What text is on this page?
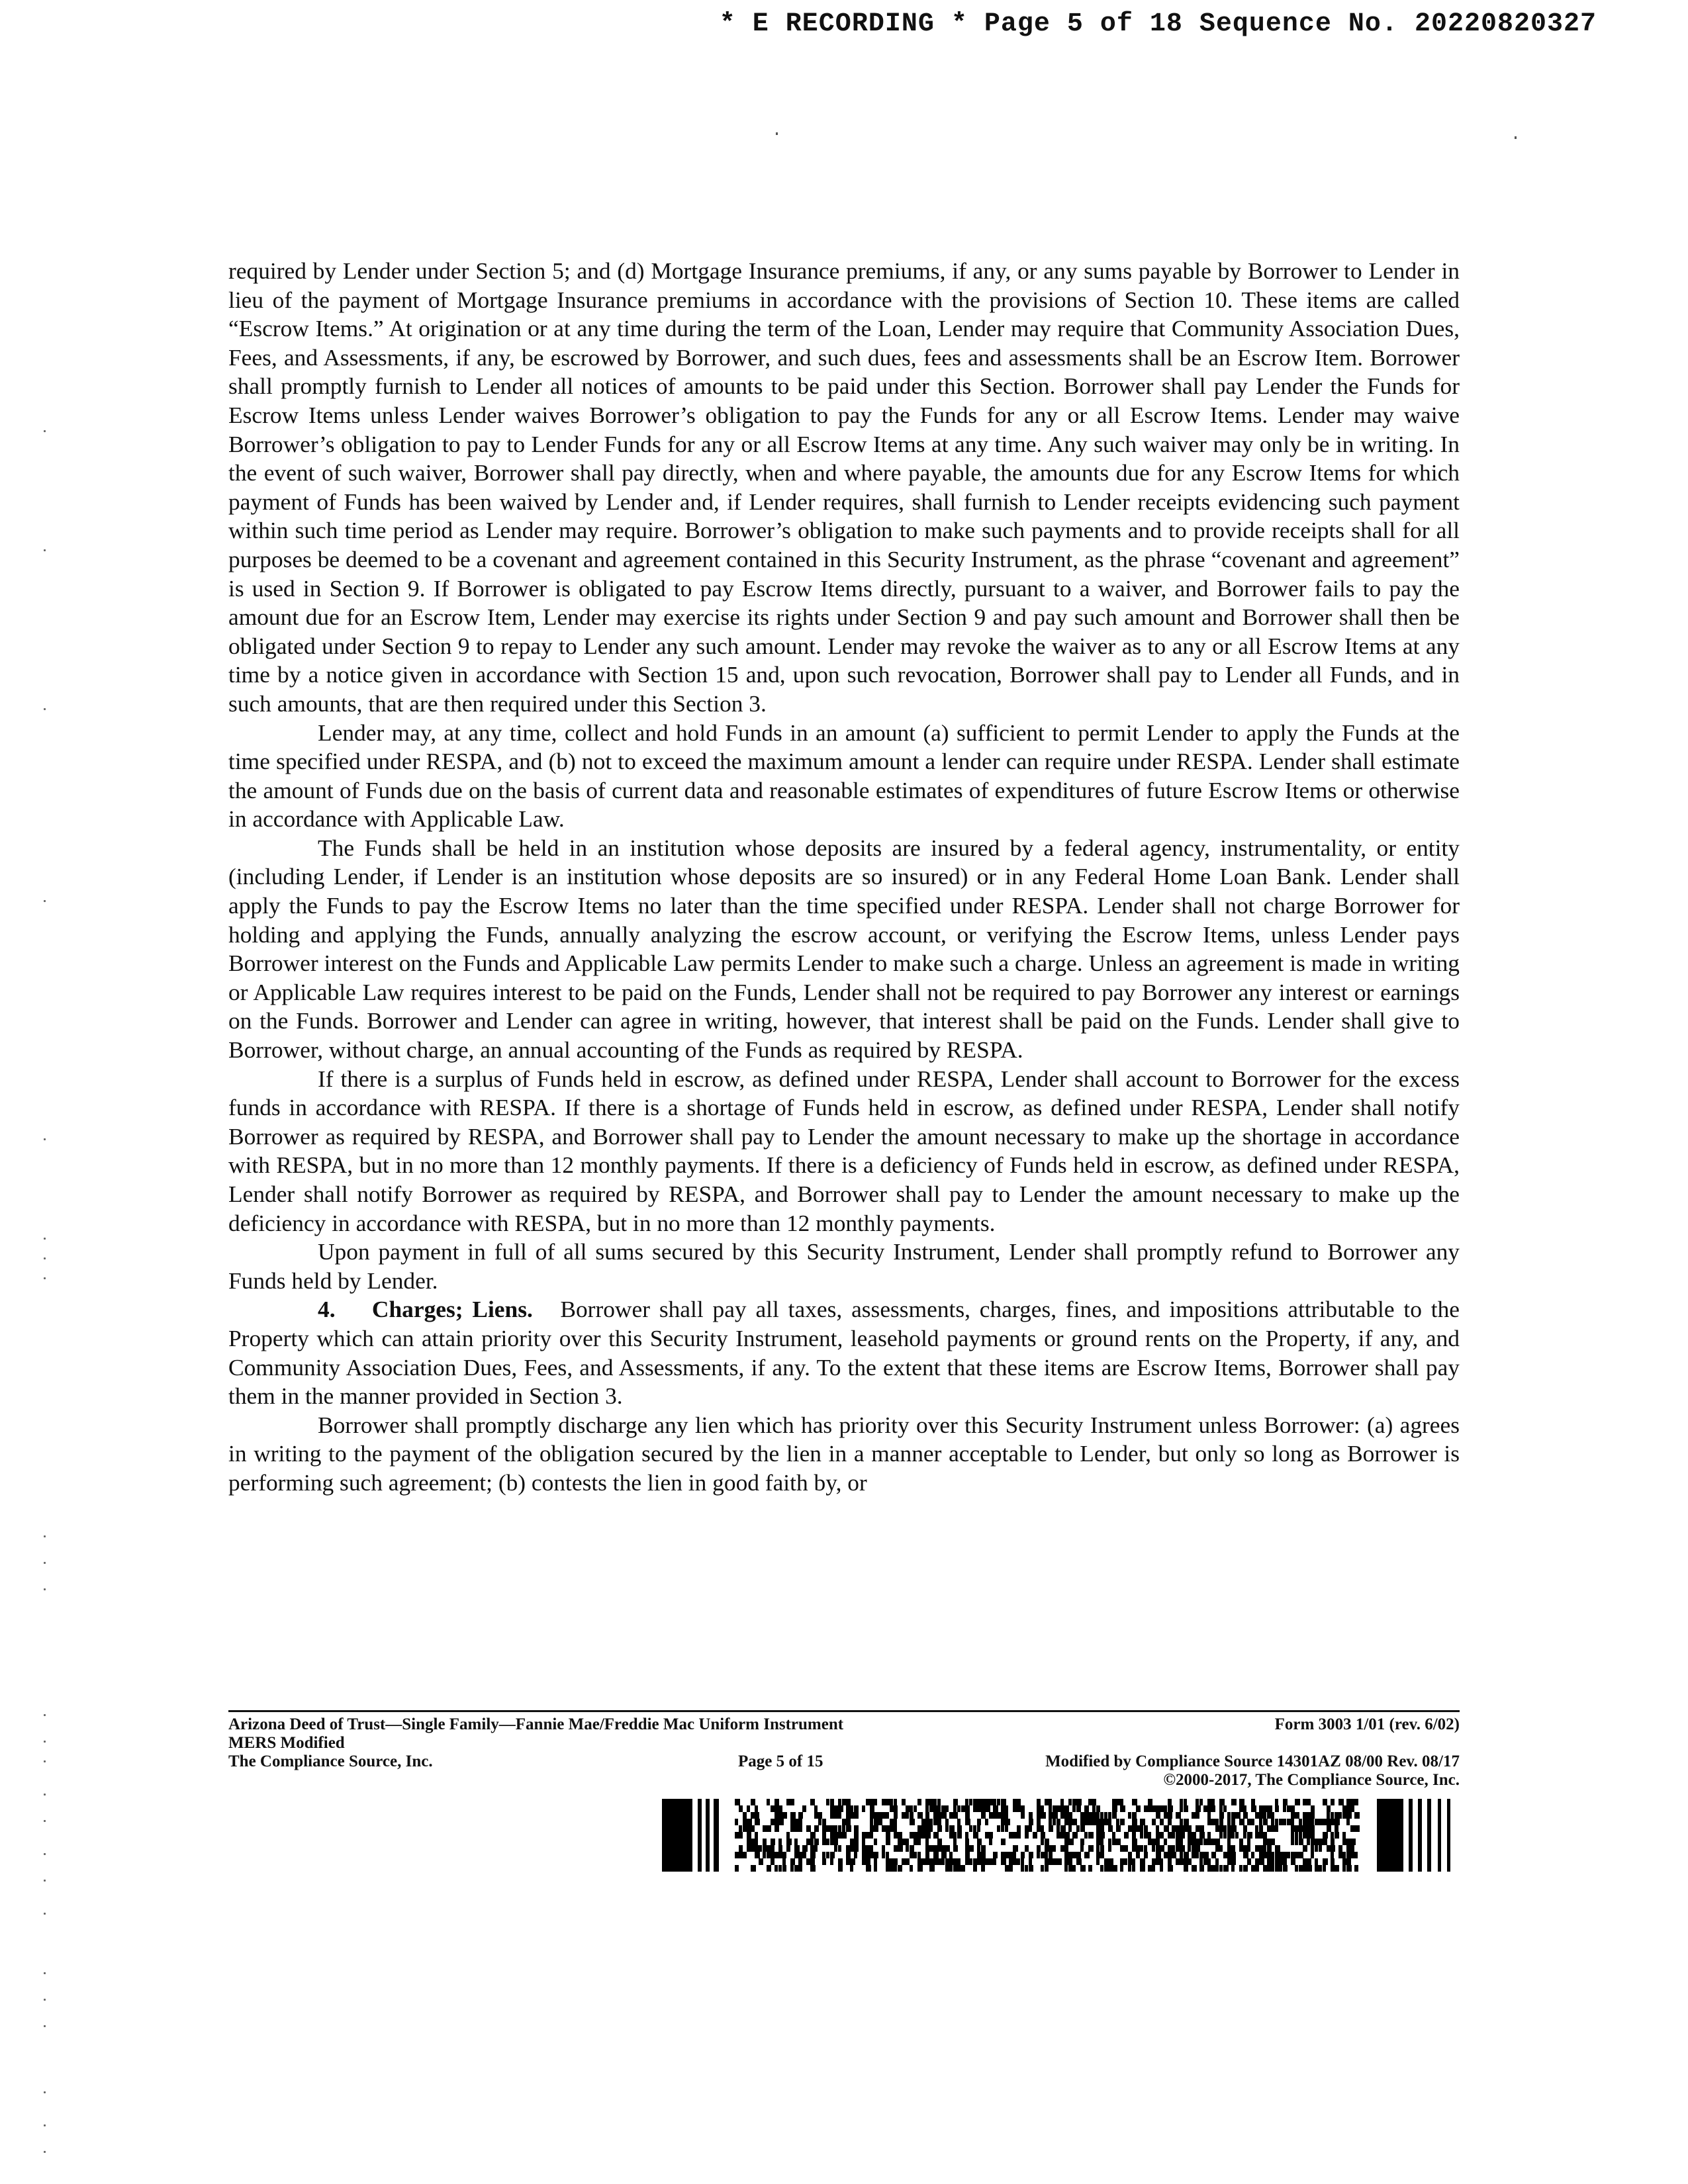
* E RECORDING * Page 5 of 18 Sequence No. 20220820327

required by Lender under Section 5; and (d) Mortgage Insurance premiums, if any, or any sums payable by Borrower to Lender in lieu of the payment of Mortgage Insurance premiums in accordance with the provisions of Section 10. These items are called “Escrow Items.” At origination or at any time during the term of the Loan, Lender may require that Community Association Dues, Fees, and Assessments, if any, be escrowed by Borrower, and such dues, fees and assessments shall be an Escrow Item. Borrower shall promptly furnish to Lender all notices of amounts to be paid under this Section. Borrower shall pay Lender the Funds for Escrow Items unless Lender waives Borrower’s obligation to pay the Funds for any or all Escrow Items. Lender may waive Borrower’s obligation to pay to Lender Funds for any or all Escrow Items at any time. Any such waiver may only be in writing. In the event of such waiver, Borrower shall pay directly, when and where payable, the amounts due for any Escrow Items for which payment of Funds has been waived by Lender and, if Lender requires, shall furnish to Lender receipts evidencing such payment within such time period as Lender may require. Borrower’s obligation to make such payments and to provide receipts shall for all purposes be deemed to be a covenant and agreement contained in this Security Instrument, as the phrase “covenant and agreement” is used in Section 9. If Borrower is obligated to pay Escrow Items directly, pursuant to a waiver, and Borrower fails to pay the amount due for an Escrow Item, Lender may exercise its rights under Section 9 and pay such amount and Borrower shall then be obligated under Section 9 to repay to Lender any such amount. Lender may revoke the waiver as to any or all Escrow Items at any time by a notice given in accordance with Section 15 and, upon such revocation, Borrower shall pay to Lender all Funds, and in such amounts, that are then required under this Section 3.

Lender may, at any time, collect and hold Funds in an amount (a) sufficient to permit Lender to apply the Funds at the time specified under RESPA, and (b) not to exceed the maximum amount a lender can require under RESPA. Lender shall estimate the amount of Funds due on the basis of current data and reasonable estimates of expenditures of future Escrow Items or otherwise in accordance with Applicable Law.

The Funds shall be held in an institution whose deposits are insured by a federal agency, instrumentality, or entity (including Lender, if Lender is an institution whose deposits are so insured) or in any Federal Home Loan Bank. Lender shall apply the Funds to pay the Escrow Items no later than the time specified under RESPA. Lender shall not charge Borrower for holding and applying the Funds, annually analyzing the escrow account, or verifying the Escrow Items, unless Lender pays Borrower interest on the Funds and Applicable Law permits Lender to make such a charge. Unless an agreement is made in writing or Applicable Law requires interest to be paid on the Funds, Lender shall not be required to pay Borrower any interest or earnings on the Funds. Borrower and Lender can agree in writing, however, that interest shall be paid on the Funds. Lender shall give to Borrower, without charge, an annual accounting of the Funds as required by RESPA.

If there is a surplus of Funds held in escrow, as defined under RESPA, Lender shall account to Borrower for the excess funds in accordance with RESPA. If there is a shortage of Funds held in escrow, as defined under RESPA, Lender shall notify Borrower as required by RESPA, and Borrower shall pay to Lender the amount necessary to make up the shortage in accordance with RESPA, but in no more than 12 monthly payments. If there is a deficiency of Funds held in escrow, as defined under RESPA, Lender shall notify Borrower as required by RESPA, and Borrower shall pay to Lender the amount necessary to make up the deficiency in accordance with RESPA, but in no more than 12 monthly payments.

Upon payment in full of all sums secured by this Security Instrument, Lender shall promptly refund to Borrower any Funds held by Lender.

4. Charges; Liens. Borrower shall pay all taxes, assessments, charges, fines, and impositions attributable to the Property which can attain priority over this Security Instrument, leasehold payments or ground rents on the Property, if any, and Community Association Dues, Fees, and Assessments, if any. To the extent that these items are Escrow Items, Borrower shall pay them in the manner provided in Section 3.

Borrower shall promptly discharge any lien which has priority over this Security Instrument unless Borrower: (a) agrees in writing to the payment of the obligation secured by the lien in a manner acceptable to Lender, but only so long as Borrower is performing such agreement; (b) contests the lien in good faith by, or

Arizona Deed of Trust—Single Family—Fannie Mae/Freddie Mac Uniform Instrument	Form 3003 1/01 (rev. 6/02)
MERS Modified
The Compliance Source, Inc.	Page 5 of 15	Modified by Compliance Source 14301AZ 08/00 Rev. 08/17
©2000-2017, The Compliance Source, Inc.
